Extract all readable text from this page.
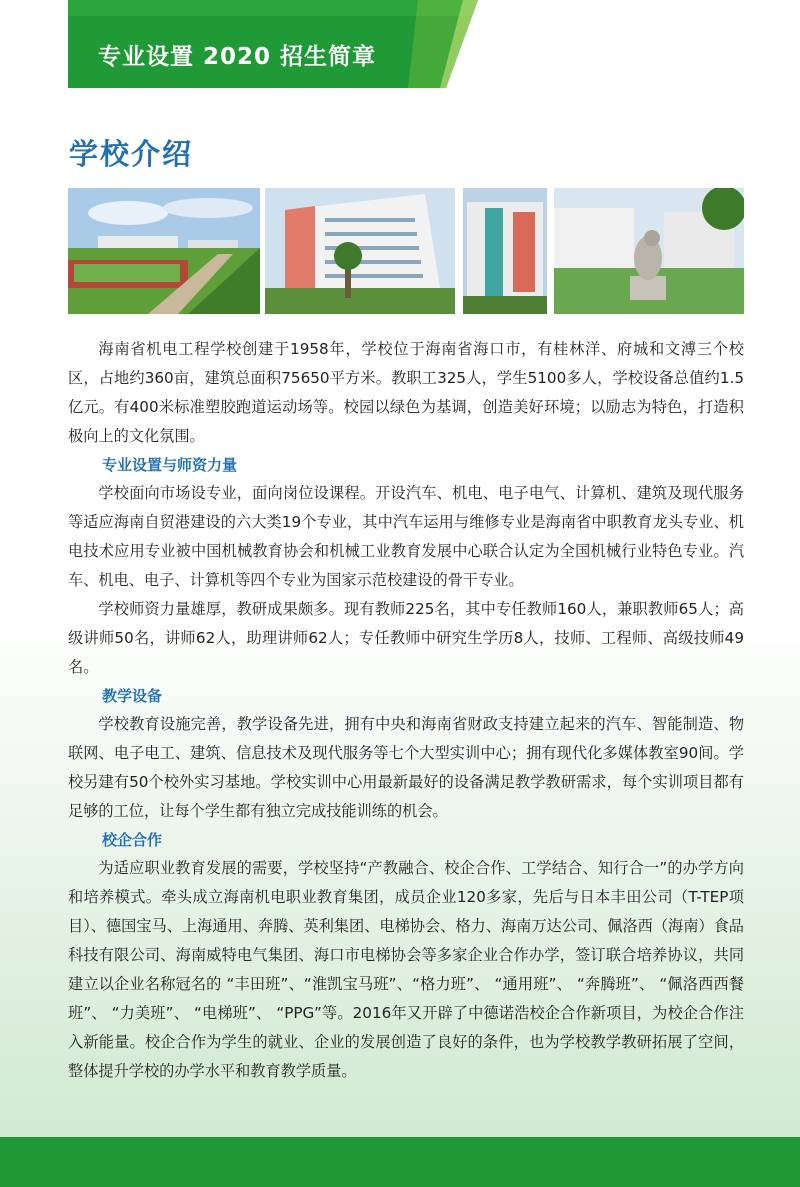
专业设置 2020 招生简章
学校介绍

海南省机电工程学校创建于1958年，学校位于海南省海口市，有桂林洋、府城和文溥三个校区，占地约360亩，建筑总面积75650平方米。教职工325人，学生5100多人，学校设备总值约1.5亿元。有400米标准塑胶跑道运动场等。校园以绿色为基调，创造美好环境；以励志为特色，打造积极向上的文化氛围。

专业设置与师资力量

学校面向市场设专业，面向岗位设课程。开设汽车、机电、电子电气、计算机、建筑及现代服务等适应海南自贸港建设的六大类19个专业，其中汽车运用与维修专业是海南省中职教育龙头专业、机电技术应用专业被中国机械教育协会和机械工业教育发展中心联合认定为全国机械行业特色专业。汽车、机电、电子、计算机等四个专业为国家示范校建设的骨干专业。

学校师资力量雄厚，教研成果颇多。现有教师225名，其中专任教师160人，兼职教师65人；高级讲师50名，讲师62人，助理讲师62人；专任教师中研究生学历8人，技师、工程师、高级技师49名。

教学设备

学校教育设施完善，教学设备先进，拥有中央和海南省财政支持建立起来的汽车、智能制造、物联网、电子电工、建筑、信息技术及现代服务等七个大型实训中心；拥有现代化多媒体教室90间。学校另建有50个校外实习基地。学校实训中心用最新最好的设备满足教学教研需求，每个实训项目都有足够的工位，让每个学生都有独立完成技能训练的机会。

校企合作

为适应职业教育发展的需要，学校坚持“产教融合、校企合作、工学结合、知行合一”的办学方向和培养模式。牵头成立海南机电职业教育集团，成员企业120多家，先后与日本丰田公司（T-TEP项目）、德国宝马、上海通用、奔腾、英利集团、电梯协会、格力、海南万达公司、佩洛西（海南）食品科技有限公司、海南威特电气集团、海口市电梯协会等多家企业合作办学，签订联合培养协议，共同建立以企业名称冠名的 “丰田班”、“淮凯宝马班”、“格力班”、 “通用班”、 “奔腾班”、 “佩洛西西餐班”、 “力美班”、 “电梯班”、 “PPG”等。2016年又开辟了中德诺浩校企合作新项目，为校企合作注入新能量。校企合作为学生的就业、企业的发展创造了良好的条件，也为学校教学教研拓展了空间，整体提升学校的办学水平和教育教学质量。
